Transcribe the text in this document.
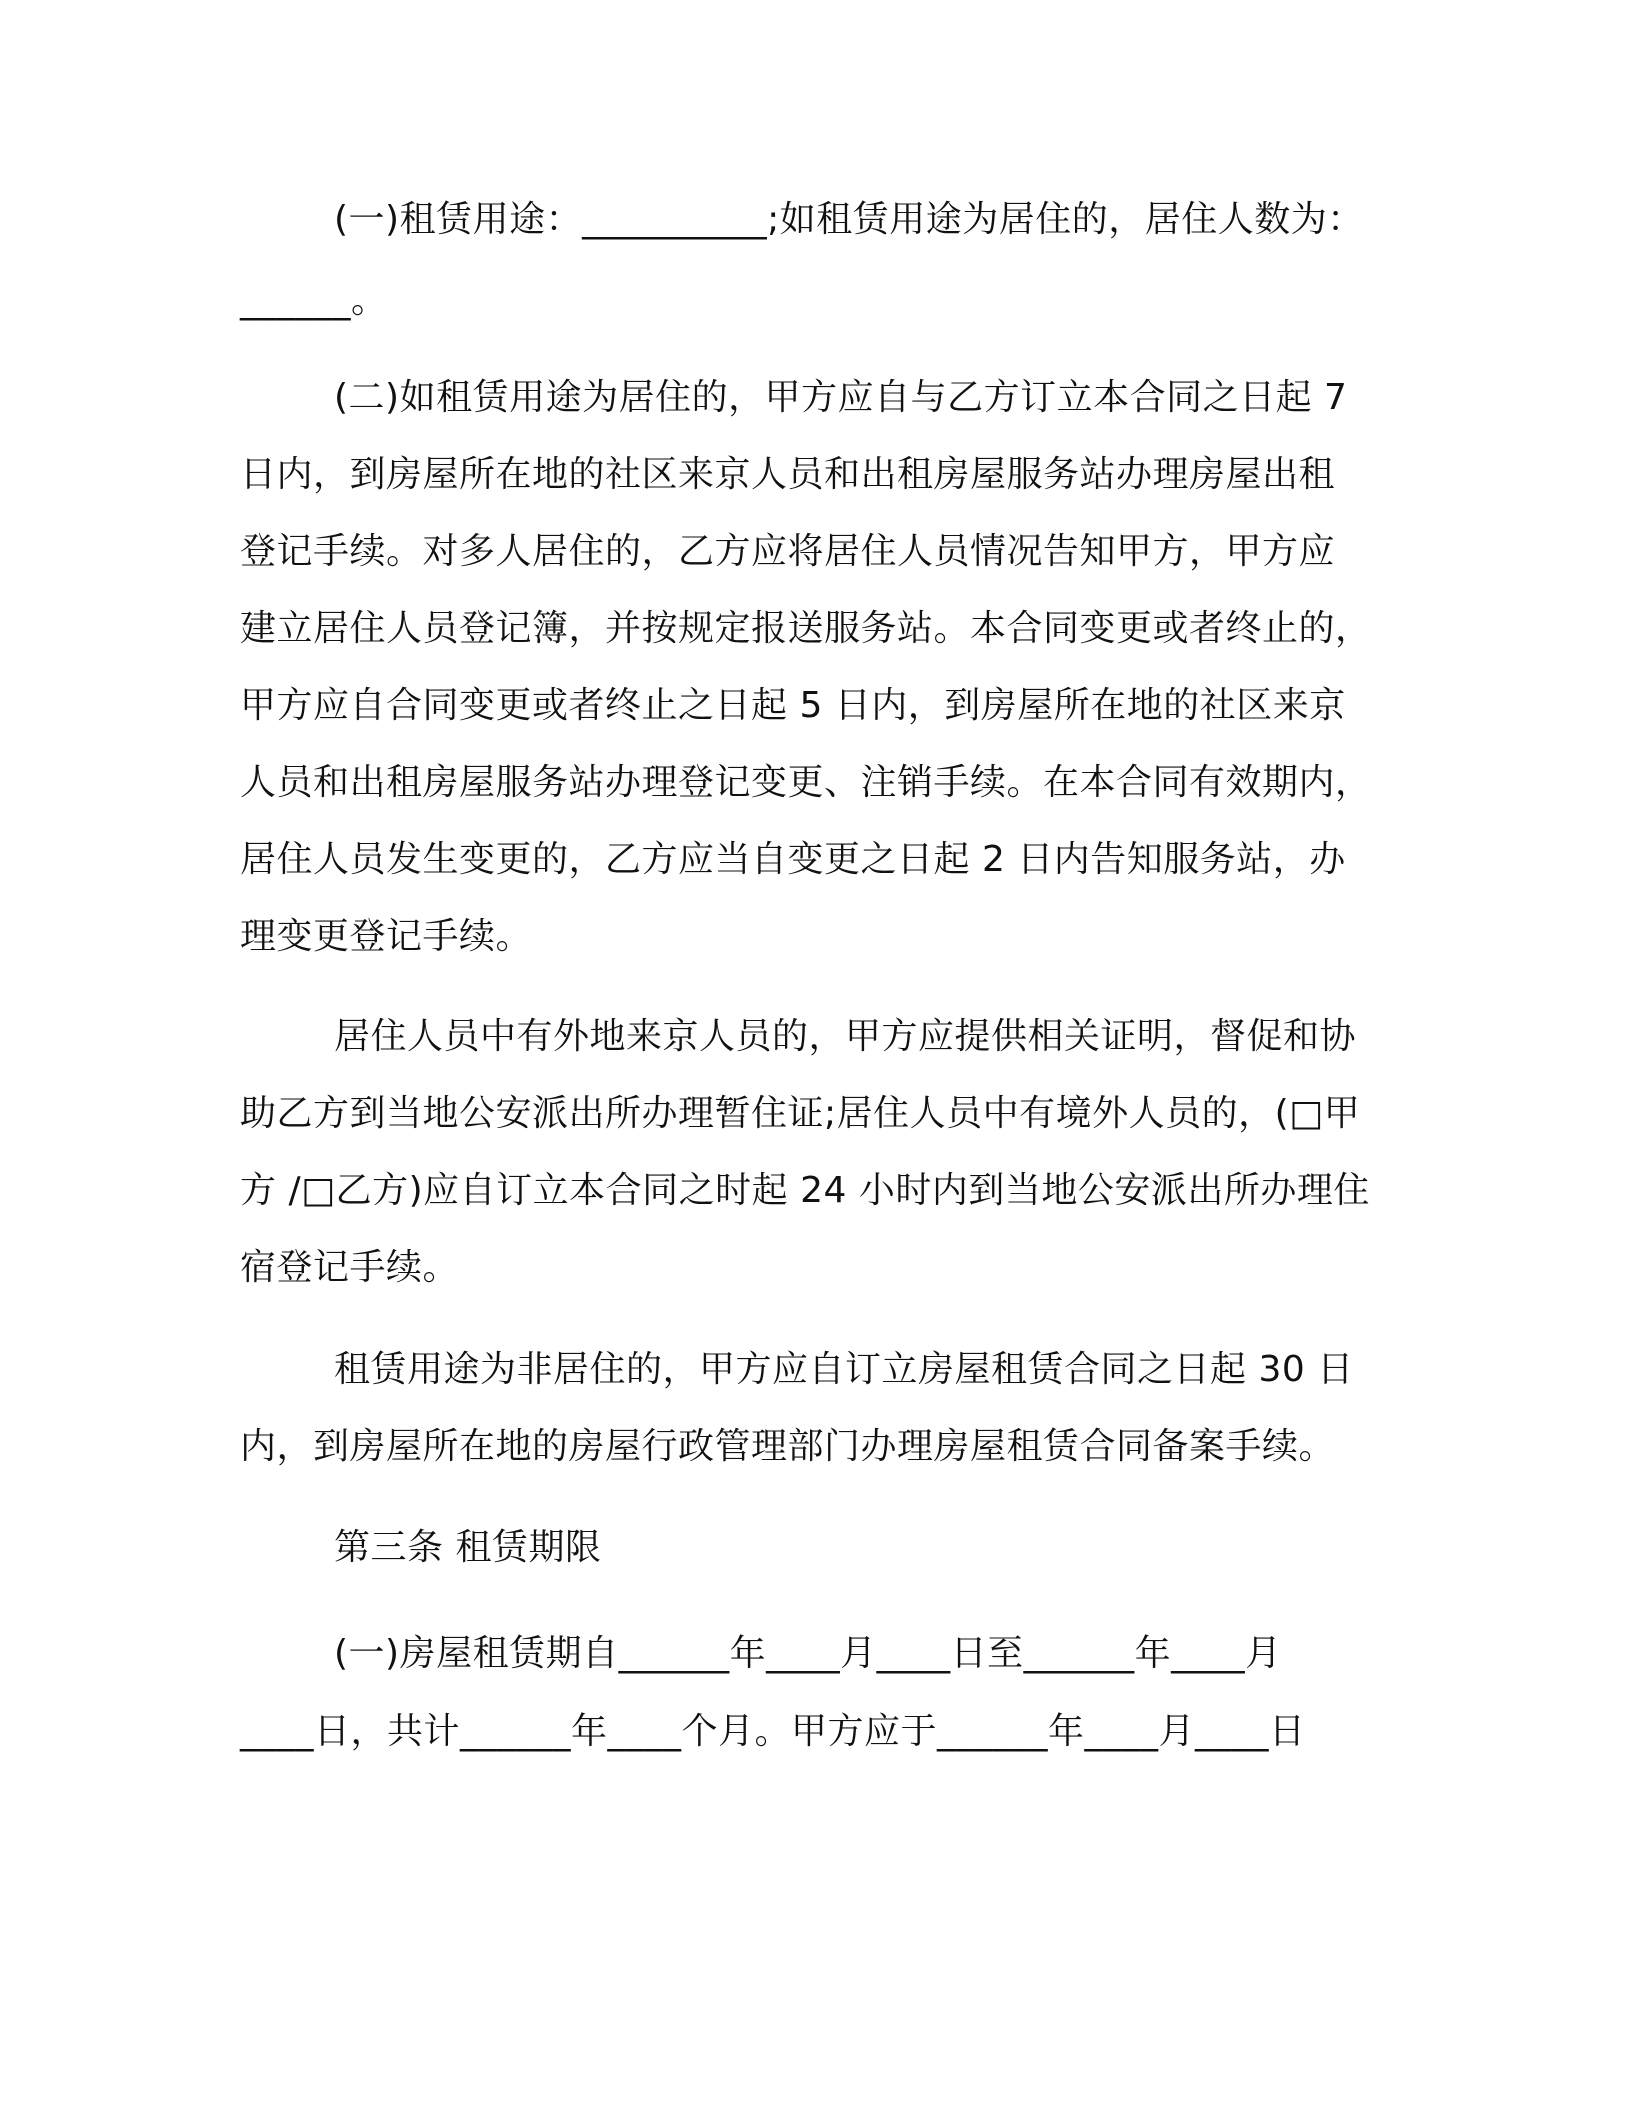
(一)租赁用途：__________;如租赁用途为居住的，居住人数为：
______。
(二)如租赁用途为居住的，甲方应自与乙方订立本合同之日起 7
日内，到房屋所在地的社区来京人员和出租房屋服务站办理房屋出租
登记手续。对多人居住的，乙方应将居住人员情况告知甲方，甲方应
建立居住人员登记簿，并按规定报送服务站。本合同变更或者终止的，
甲方应自合同变更或者终止之日起 5 日内，到房屋所在地的社区来京
人员和出租房屋服务站办理登记变更、注销手续。在本合同有效期内，
居住人员发生变更的，乙方应当自变更之日起 2 日内告知服务站，办
理变更登记手续。
居住人员中有外地来京人员的，甲方应提供相关证明，督促和协
助乙方到当地公安派出所办理暂住证;居住人员中有境外人员的，(□甲
方 /□乙方)应自订立本合同之时起 24 小时内到当地公安派出所办理住
宿登记手续。
租赁用途为非居住的，甲方应自订立房屋租赁合同之日起 30 日
内，到房屋所在地的房屋行政管理部门办理房屋租赁合同备案手续。
第三条 租赁期限
(一)房屋租赁期自______年____月____日至______年____月
____日，共计______年____个月。甲方应于______年____月____日
